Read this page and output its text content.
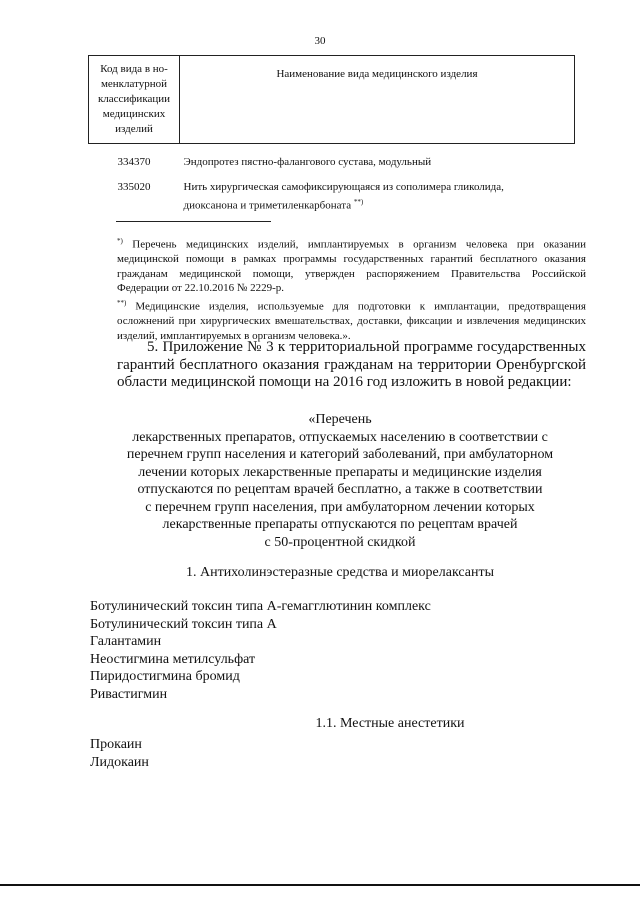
30
Код вида в но-
менклатурной
классификации
медицинских
изделий	Наименование вида медицинского изделия
334370	Эндопротез пястно-фалангового сустава, модульный
335020	Нить хирургическая самофиксирующаяся из сополимера гликолида,
диоксанона и триметиленкарбоната **)

*) Перечень медицинских изделий, имплантируемых в организм человека при оказании медицинской помощи в рамках программы государственных гарантий бесплатного оказания гражданам медицинской помощи, утвержден распоряжением Правительства Российской Федерации от 22.10.2016 № 2229-р.

**) Медицинские изделия, используемые для подготовки к имплантации, предотвращения осложнений при хирургических вмешательствах, доставки, фиксации и извлечения медицинских изделий, имплантируемых в организм человека.».

5. Приложение № 3 к территориальной программе государственных гарантий бесплатного оказания гражданам на территории Оренбургской области медицинской помощи на 2016 год изложить в новой редакции:
«Перечень
лекарственных препаратов, отпускаемых населению в соответствии с
перечнем групп населения и категорий заболеваний, при амбулаторном
лечении которых лекарственные препараты и медицинские изделия
отпускаются по рецептам врачей бесплатно, а также в соответствии
с перечнем групп населения, при амбулаторном лечении которых
лекарственные препараты отпускаются по рецептам врачей
с 50-процентной скидкой
1. Антихолинэстеразные средства и миорелаксанты
Ботулинический токсин типа А-гемагглютинин комплекс
Ботулинический токсин типа А
Галантамин
Неостигмина метилсульфат
Пиридостигмина бромид
Ривастигмин
1.1. Местные анестетики
Прокаин
Лидокаин
